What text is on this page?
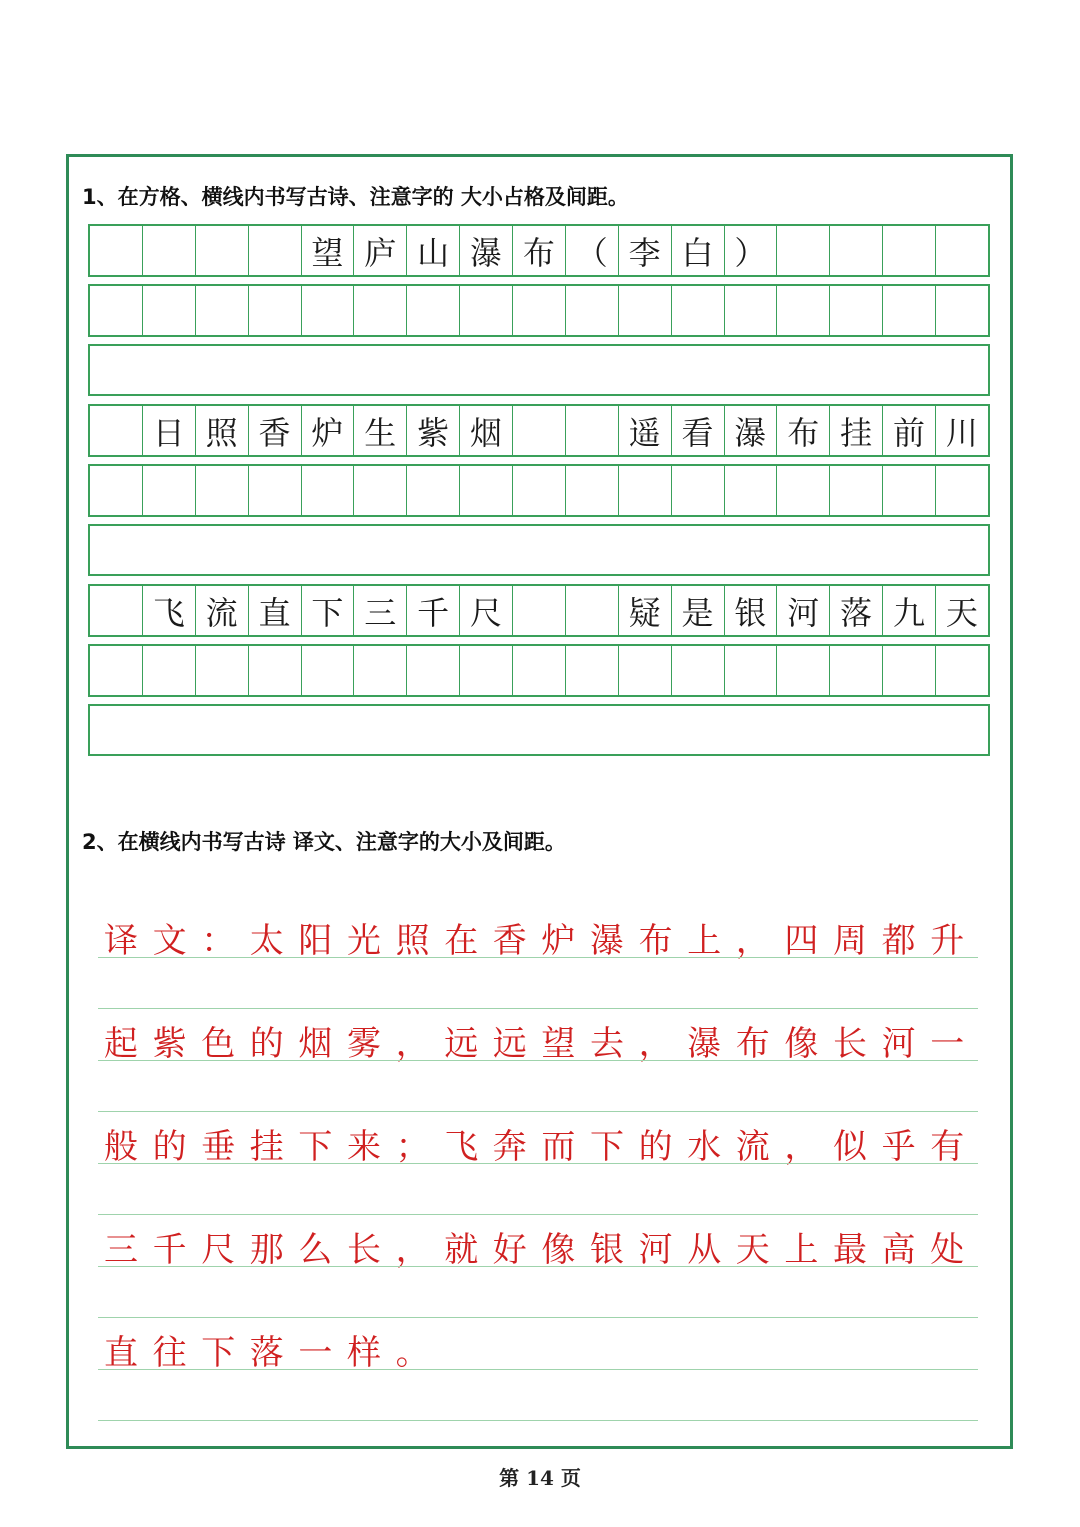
1、在方格、横线内书写古诗、注意字的 大小占格及间距。
望 庐 山 瀑 布 （ 李 白 ）
日 照 香 炉 生 紫 烟	遥 看 瀑 布 挂 前 川
飞 流 直 下 三 千 尺	疑 是 银 河 落 九 天
2、在横线内书写古诗 译文、注意字的大小及间距。
译文：太阳光照在香炉瀑布上，四周都升
起紫色的烟雾，远远望去，瀑布像长河一
般的垂挂下来；飞奔而下的水流，似乎有
三千尺那么长，就好像银河从天上最高处
直往下落一样。
第 14 页
